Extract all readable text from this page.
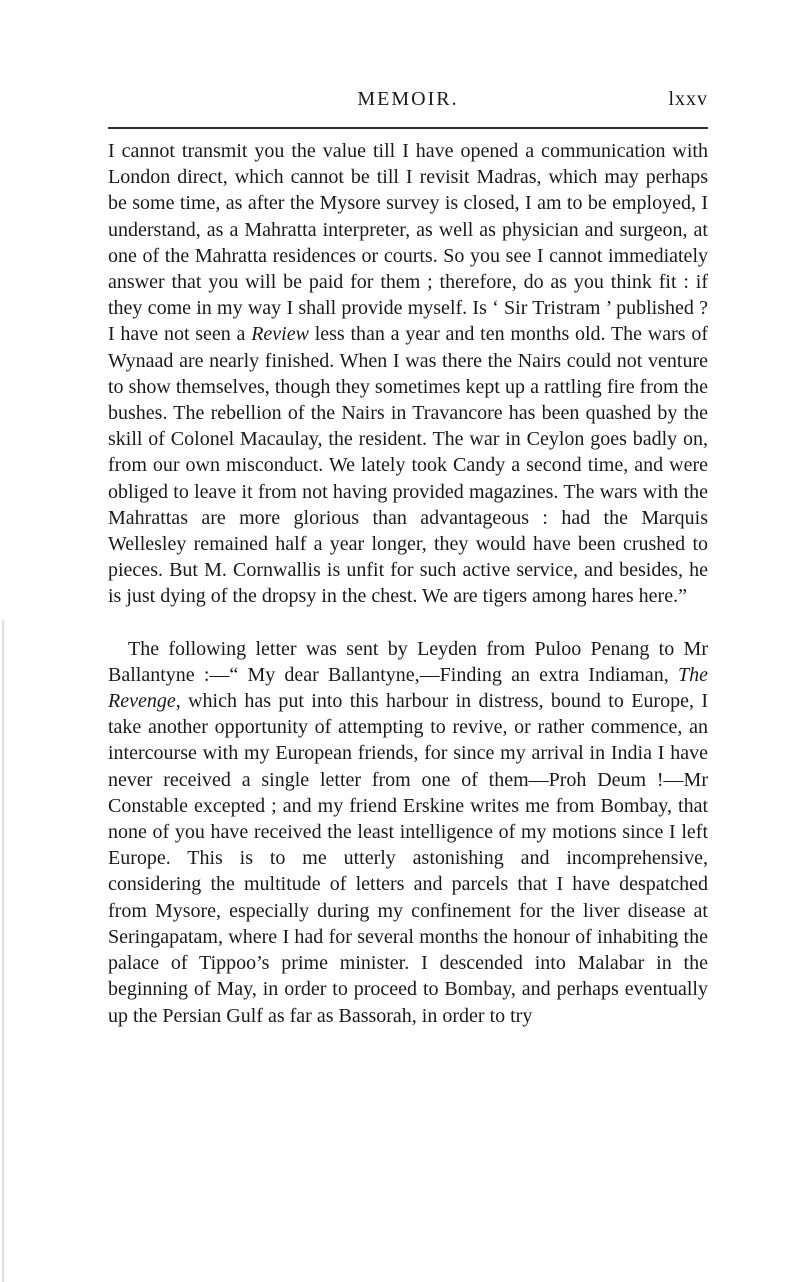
MEMOIR.	lxxv

I cannot transmit you the value till I have opened a communication with London direct, which cannot be till I revisit Madras, which may perhaps be some time, as after the Mysore survey is closed, I am to be employed, I understand, as a Mahratta interpreter, as well as physician and surgeon, at one of the Mahratta residences or courts. So you see I cannot immediately answer that you will be paid for them ; therefore, do as you think fit : if they come in my way I shall provide myself. Is ‘ Sir Tristram ’ published ? I have not seen a Review less than a year and ten months old. The wars of Wynaad are nearly finished. When I was there the Nairs could not venture to show themselves, though they sometimes kept up a rattling fire from the bushes. The rebellion of the Nairs in Travancore has been quashed by the skill of Colonel Macaulay, the resident. The war in Ceylon goes badly on, from our own misconduct. We lately took Candy a second time, and were obliged to leave it from not having provided magazines. The wars with the Mahrattas are more glorious than advantageous : had the Marquis Wellesley remained half a year longer, they would have been crushed to pieces. But M. Cornwallis is unfit for such active service, and besides, he is just dying of the dropsy in the chest. We are tigers among hares here.”

The following letter was sent by Leyden from Puloo Penang to Mr Ballantyne :—“ My dear Ballantyne,—Finding an extra Indiaman, The Revenge, which has put into this harbour in distress, bound to Europe, I take another opportunity of attempting to revive, or rather commence, an intercourse with my European friends, for since my arrival in India I have never received a single letter from one of them—Proh Deum !—Mr Constable excepted ; and my friend Erskine writes me from Bombay, that none of you have received the least intelligence of my motions since I left Europe. This is to me utterly astonishing and incomprehensive, considering the multitude of letters and parcels that I have despatched from Mysore, especially during my confinement for the liver disease at Seringapatam, where I had for several months the honour of inhabiting the palace of Tippoo’s prime minister. I descended into Malabar in the beginning of May, in order to proceed to Bombay, and perhaps eventually up the Persian Gulf as far as Bassorah, in order to try
